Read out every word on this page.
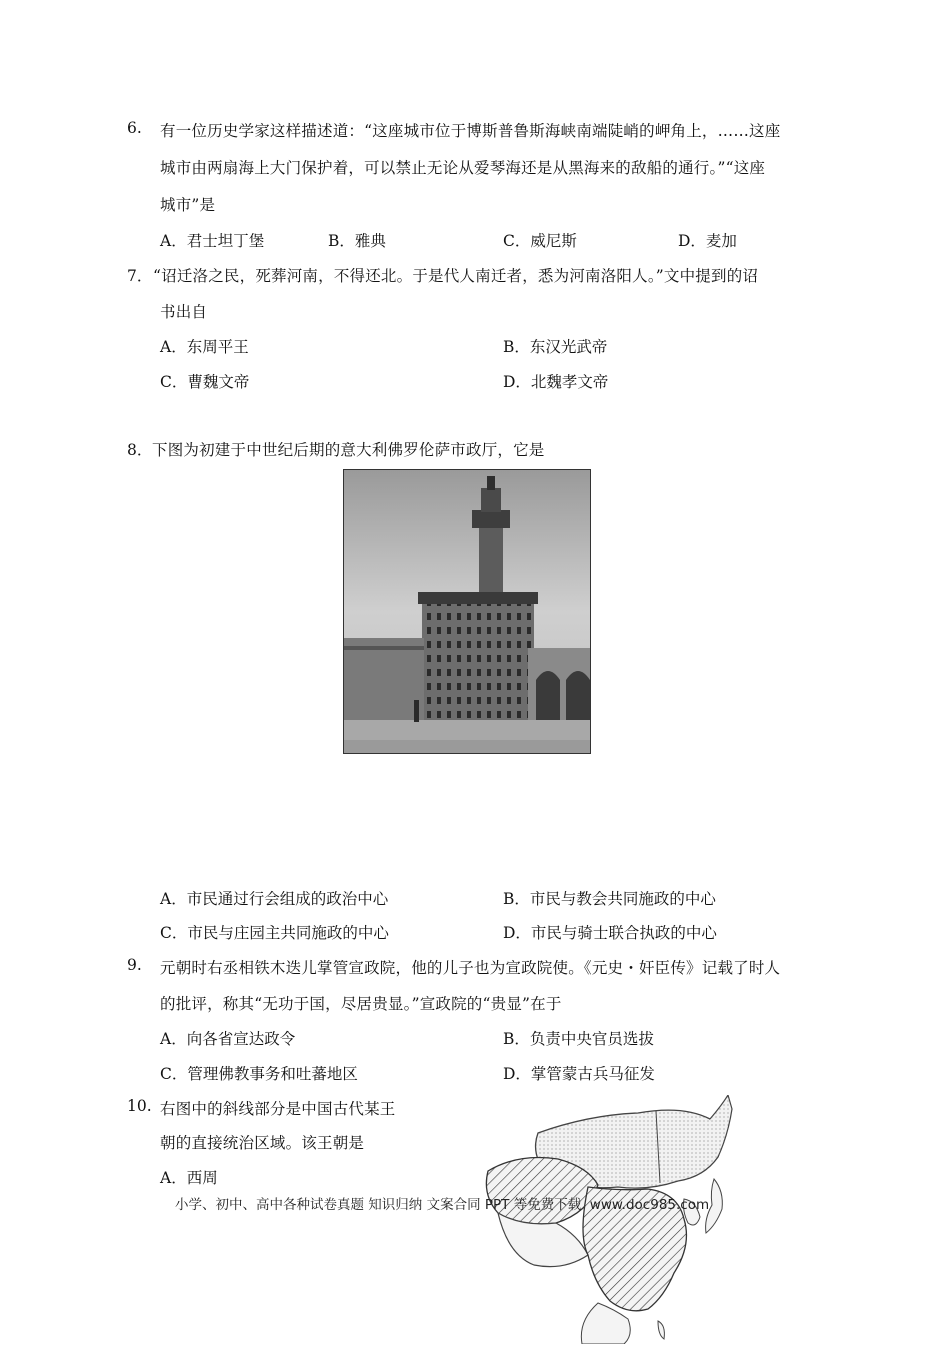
6. 有一位历史学家这样描述道：“这座城市位于博斯普鲁斯海峡南端陡峭的岬角上，……这座
城市由两扇海上大门保护着，可以禁止无论从爱琴海还是从黑海来的敌船的通行。”“这座
城市”是
A．君士坦丁堡	B．雅典	C．威尼斯	D．麦加
7． “诏迁洛之民，死葬河南，不得还北。于是代人南迁者，悉为河南洛阳人。”文中提到的诏
书出自
A．东周平王	B．东汉光武帝
C．曹魏文帝	D．北魏孝文帝
8． 下图为初建于中世纪后期的意大利佛罗伦萨市政厅，它是
A．市民通过行会组成的政治中心	B．市民与教会共同施政的中心
C．市民与庄园主共同施政的中心	D．市民与骑士联合执政的中心
9. 元朝时右丞相铁木迭儿掌管宣政院，他的儿子也为宣政院使。《元史・奸臣传》记载了时人
的批评，称其“无功于国，尽居贵显。”宣政院的“贵显”在于
A．向各省宣达政令	B．负责中央官员选拔
C．管理佛教事务和吐蕃地区	D．掌管蒙古兵马征发
10. 右图中的斜线部分是中国古代某王
朝的直接统治区域。该王朝是
A．西周
小学、初中、高中各种试卷真题 知识归纳 文案合同 PPT 等免费下载 www.doc985.com
